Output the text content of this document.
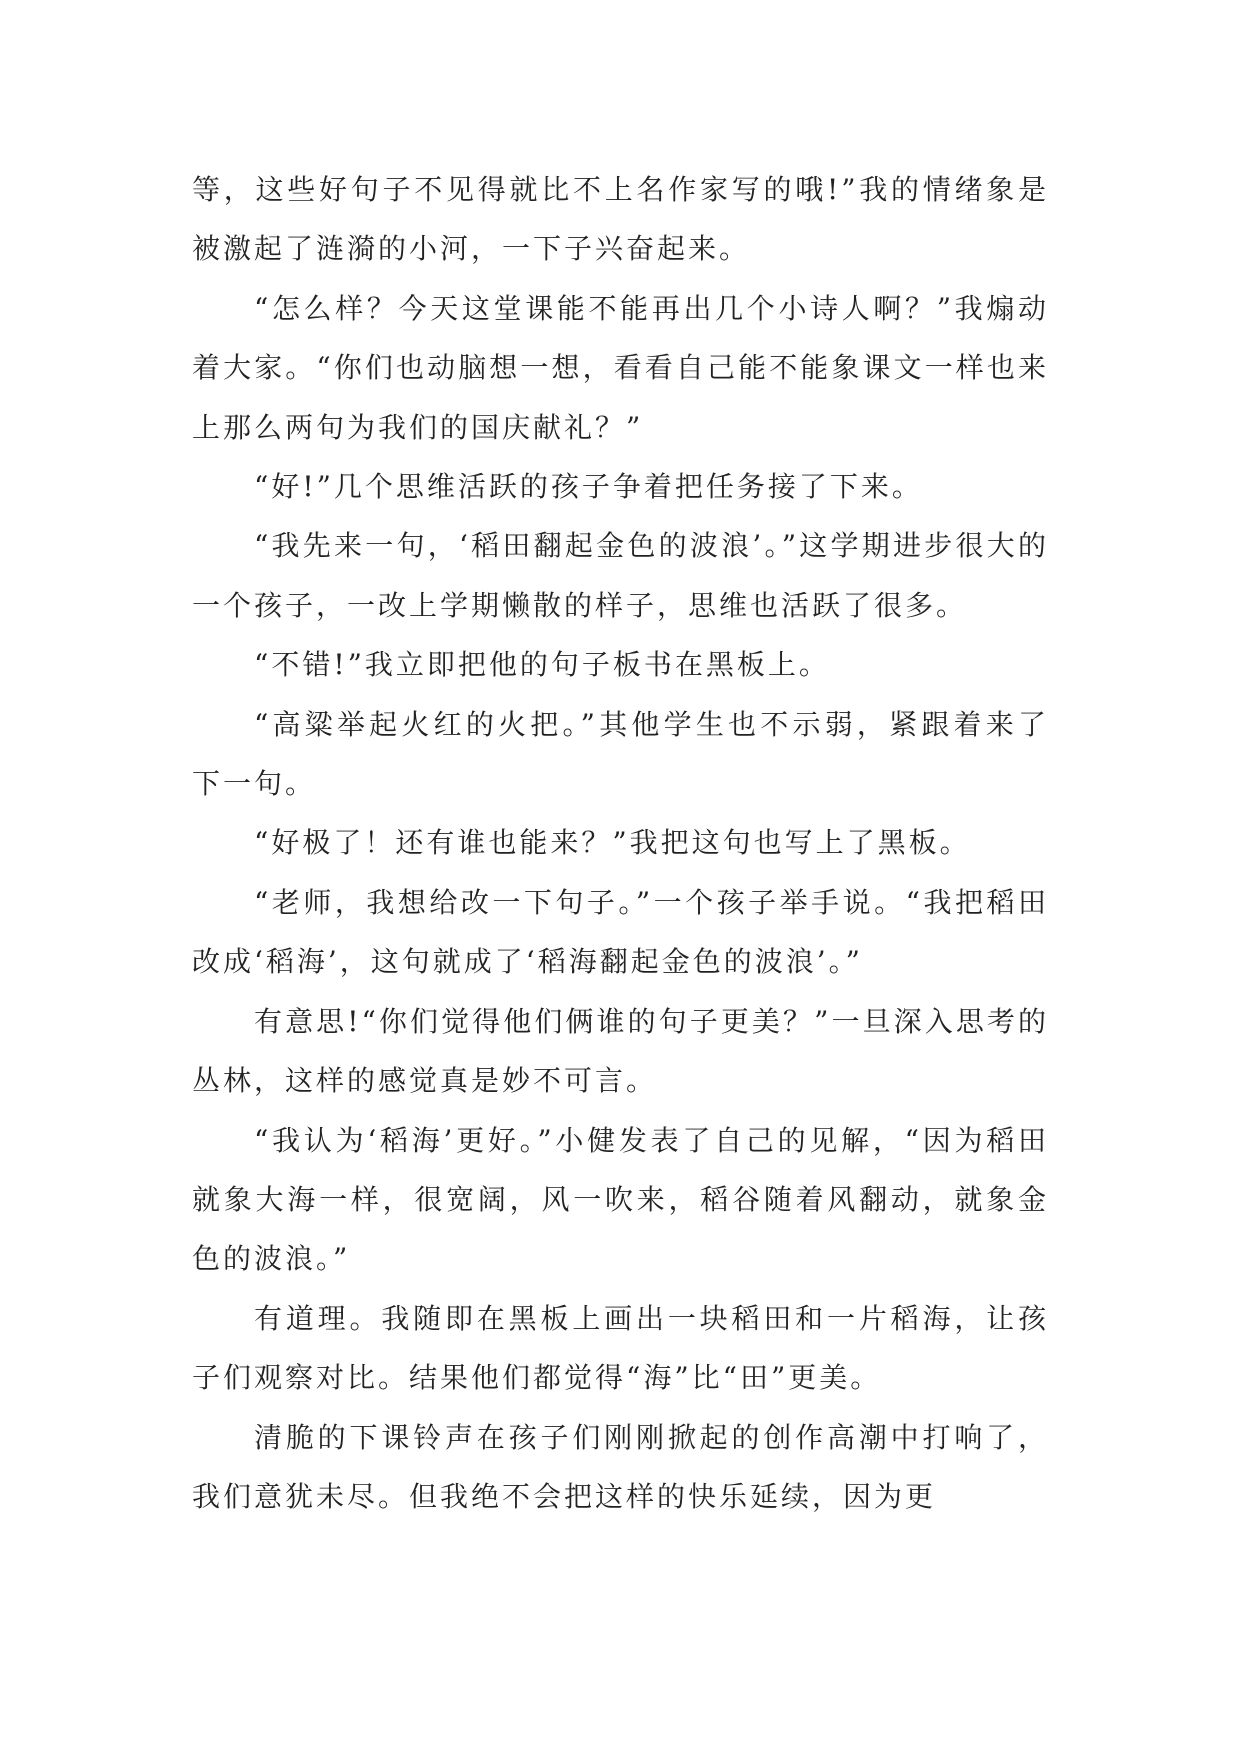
等，这些好句子不见得就比不上名作家写的哦!”我的情绪象是被激起了涟漪的小河，一下子兴奋起来。

“怎么样？今天这堂课能不能再出几个小诗人啊？”我煽动着大家。“你们也动脑想一想，看看自己能不能象课文一样也来上那么两句为我们的国庆献礼？”

“好!”几个思维活跃的孩子争着把任务接了下来。

“我先来一句，‘稻田翻起金色的波浪’。”这学期进步很大的一个孩子，一改上学期懒散的样子，思维也活跃了很多。

“不错!”我立即把他的句子板书在黑板上。

“高粱举起火红的火把。”其他学生也不示弱，紧跟着来了下一句。

“好极了！还有谁也能来？”我把这句也写上了黑板。

“老师，我想给改一下句子。”一个孩子举手说。“我把稻田改成‘稻海’，这句就成了‘稻海翻起金色的波浪’。”

有意思!“你们觉得他们俩谁的句子更美？”一旦深入思考的丛林，这样的感觉真是妙不可言。

“我认为‘稻海’更好。”小健发表了自己的见解，“因为稻田就象大海一样，很宽阔，风一吹来，稻谷随着风翻动，就象金色的波浪。”

有道理。我随即在黑板上画出一块稻田和一片稻海，让孩子们观察对比。结果他们都觉得“海”比“田”更美。

清脆的下课铃声在孩子们刚刚掀起的创作高潮中打响了，我们意犹未尽。但我绝不会把这样的快乐延续，因为更
